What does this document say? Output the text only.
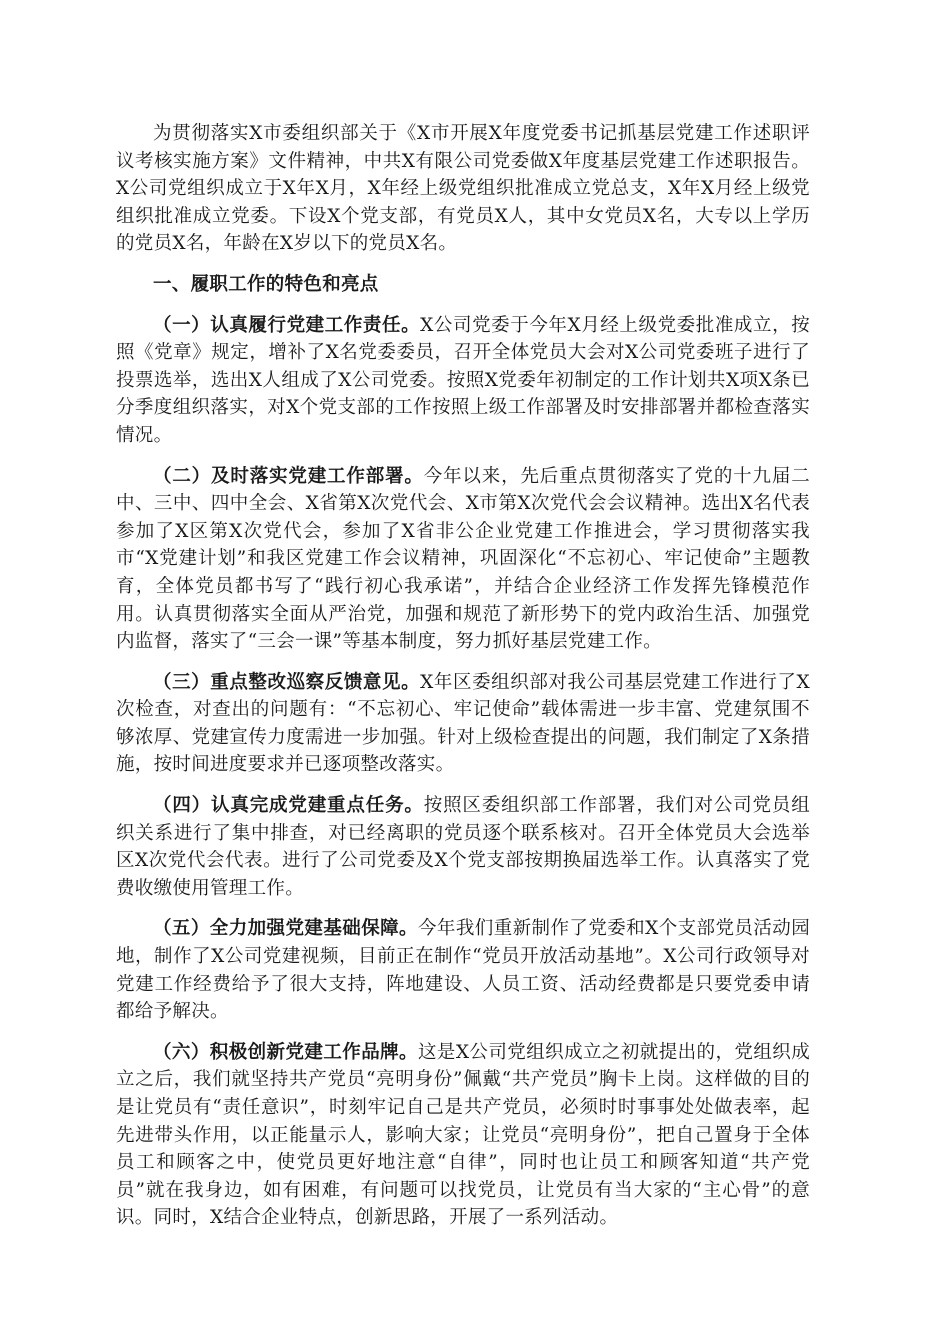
为贯彻落实X市委组织部关于《X市开展X年度党委书记抓基层党建工作述职评议考核实施方案》文件精神，中共X有限公司党委做X年度基层党建工作述职报告。X公司党组织成立于X年X月，X年经上级党组织批准成立党总支，X年X月经上级党组织批准成立党委。下设X个党支部，有党员X人，其中女党员X名，大专以上学历的党员X名，年龄在X岁以下的党员X名。

一、履职工作的特色和亮点

（一）认真履行党建工作责任。X公司党委于今年X月经上级党委批准成立，按照《党章》规定，增补了X名党委委员，召开全体党员大会对X公司党委班子进行了投票选举，选出X人组成了X公司党委。按照X党委年初制定的工作计划共X项X条已分季度组织落实，对X个党支部的工作按照上级工作部署及时安排部署并都检查落实情况。

（二）及时落实党建工作部署。今年以来，先后重点贯彻落实了党的十九届二中、三中、四中全会、X省第X次党代会、X市第X次党代会会议精神。选出X名代表参加了X区第X次党代会，参加了X省非公企业党建工作推进会，学习贯彻落实我市“X党建计划”和我区党建工作会议精神，巩固深化“不忘初心、牢记使命”主题教育，全体党员都书写了“践行初心我承诺”，并结合企业经济工作发挥先锋模范作用。认真贯彻落实全面从严治党，加强和规范了新形势下的党内政治生活、加强党内监督，落实了“三会一课”等基本制度，努力抓好基层党建工作。

（三）重点整改巡察反馈意见。X年区委组织部对我公司基层党建工作进行了X次检查，对查出的问题有：“不忘初心、牢记使命”载体需进一步丰富、党建氛围不够浓厚、党建宣传力度需进一步加强。针对上级检查提出的问题，我们制定了X条措施，按时间进度要求并已逐项整改落实。

（四）认真完成党建重点任务。按照区委组织部工作部署，我们对公司党员组织关系进行了集中排查，对已经离职的党员逐个联系核对。召开全体党员大会选举区X次党代会代表。进行了公司党委及X个党支部按期换届选举工作。认真落实了党费收缴使用管理工作。

（五）全力加强党建基础保障。今年我们重新制作了党委和X个支部党员活动园地，制作了X公司党建视频，目前正在制作“党员开放活动基地”。X公司行政领导对党建工作经费给予了很大支持，阵地建设、人员工资、活动经费都是只要党委申请都给予解决。

（六）积极创新党建工作品牌。这是X公司党组织成立之初就提出的，党组织成立之后，我们就坚持共产党员“亮明身份”佩戴“共产党员”胸卡上岗。这样做的目的是让党员有“责任意识”，时刻牢记自己是共产党员，必须时时事事处处做表率，起先进带头作用，以正能量示人，影响大家；让党员“亮明身份”，把自己置身于全体员工和顾客之中，使党员更好地注意“自律”，同时也让员工和顾客知道“共产党员”就在我身边，如有困难，有问题可以找党员，让党员有当大家的“主心骨”的意识。同时，X结合企业特点，创新思路，开展了一系列活动。
